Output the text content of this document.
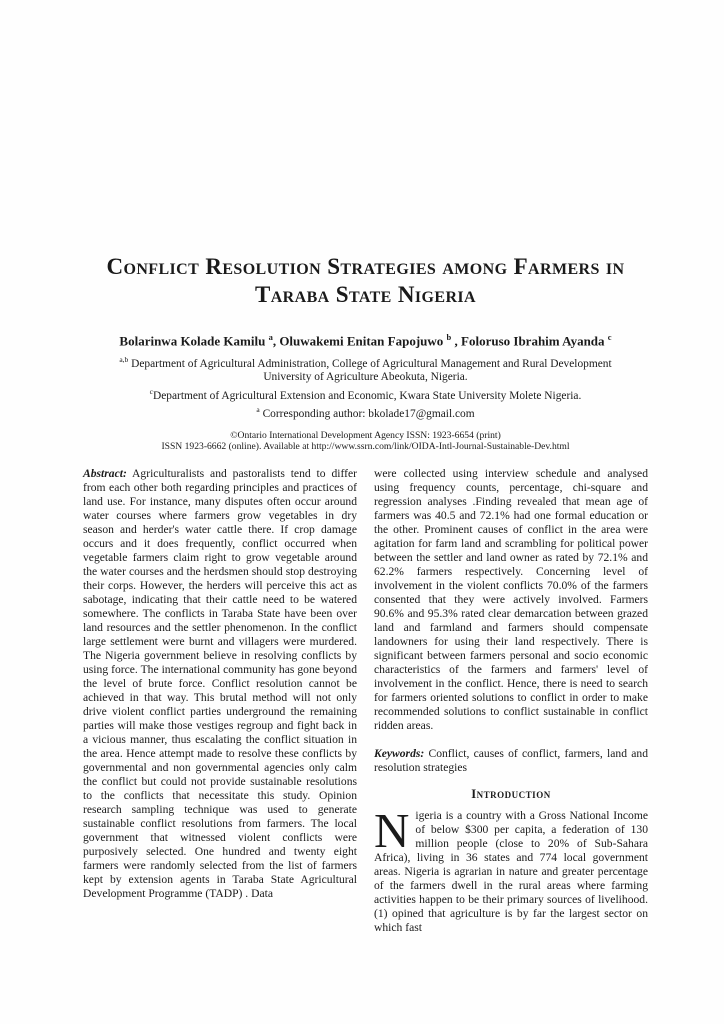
Conflict Resolution Strategies among Farmers in
Taraba State Nigeria
Bolarinwa Kolade Kamilu $^a$, Oluwakemi Enitan Fapojuwo $^b$ , Foloruso Ibrahim Ayanda $^c$
$^{a,b}$ Department of Agricultural Administration, College of Agricultural Management and Rural Development
University of Agriculture Abeokuta, Nigeria.
$^c$Department of Agricultural Extension and Economic, Kwara State University Molete Nigeria.
$^a$ Corresponding author: bkolade17@gmail.com
©Ontario International Development Agency ISSN: 1923-6654 (print)
ISSN 1923-6662 (online). Available at http://www.ssrn.com/link/OIDA-Intl-Journal-Sustainable-Dev.html

Abstract: Agriculturalists and pastoralists tend to differ from each other both regarding principles and practices of land use. For instance, many disputes often occur around water courses where farmers grow vegetables in dry season and herder's water cattle there. If crop damage occurs and it does frequently, conflict occurred when vegetable farmers claim right to grow vegetable around the water courses and the herdsmen should stop destroying their corps. However, the herders will perceive this act as sabotage, indicating that their cattle need to be watered somewhere. The conflicts in Taraba State have been over land resources and the settler phenomenon. In the conflict large settlement were burnt and villagers were murdered. The Nigeria government believe in resolving conflicts by using force. The international community has gone beyond the level of brute force. Conflict resolution cannot be achieved in that way. This brutal method will not only drive violent conflict parties underground the remaining parties will make those vestiges regroup and fight back in a vicious manner, thus escalating the conflict situation in the area. Hence attempt made to resolve these conflicts by governmental and non governmental agencies only calm the conflict but could not provide sustainable resolutions to the conflicts that necessitate this study. Opinion research sampling technique was used to generate sustainable conflict resolutions from farmers. The local government that witnessed violent conflicts were purposively selected. One hundred and twenty eight farmers were randomly selected from the list of farmers kept by extension agents in Taraba State Agricultural Development Programme (TADP) . Data

were collected using interview schedule and analysed using frequency counts, percentage, chi-square and regression analyses .Finding revealed that mean age of farmers was 40.5 and 72.1% had one formal education or the other. Prominent causes of conflict in the area were agitation for farm land and scrambling for political power between the settler and land owner as rated by 72.1% and 62.2% farmers respectively. Concerning level of involvement in the violent conflicts 70.0% of the farmers consented that they were actively involved. Farmers 90.6% and 95.3% rated clear demarcation between grazed land and farmland and farmers should compensate landowners for using their land respectively. There is significant between farmers personal and socio economic characteristics of the farmers and farmers' level of involvement in the conflict. Hence, there is need to search for farmers oriented solutions to conflict in order to make recommended solutions to conflict sustainable in conflict ridden areas.

Keywords: Conflict, causes of conflict, farmers, land and resolution strategies

Introduction

Nigeria is a country with a Gross National Income of below $300 per capita, a federation of 130 million people (close to 20% of Sub-Sahara Africa), living in 36 states and 774 local government areas. Nigeria is agrarian in nature and greater percentage of the farmers dwell in the rural areas where farming activities happen to be their primary sources of livelihood. (1) opined that agriculture is by far the largest sector on which fast
